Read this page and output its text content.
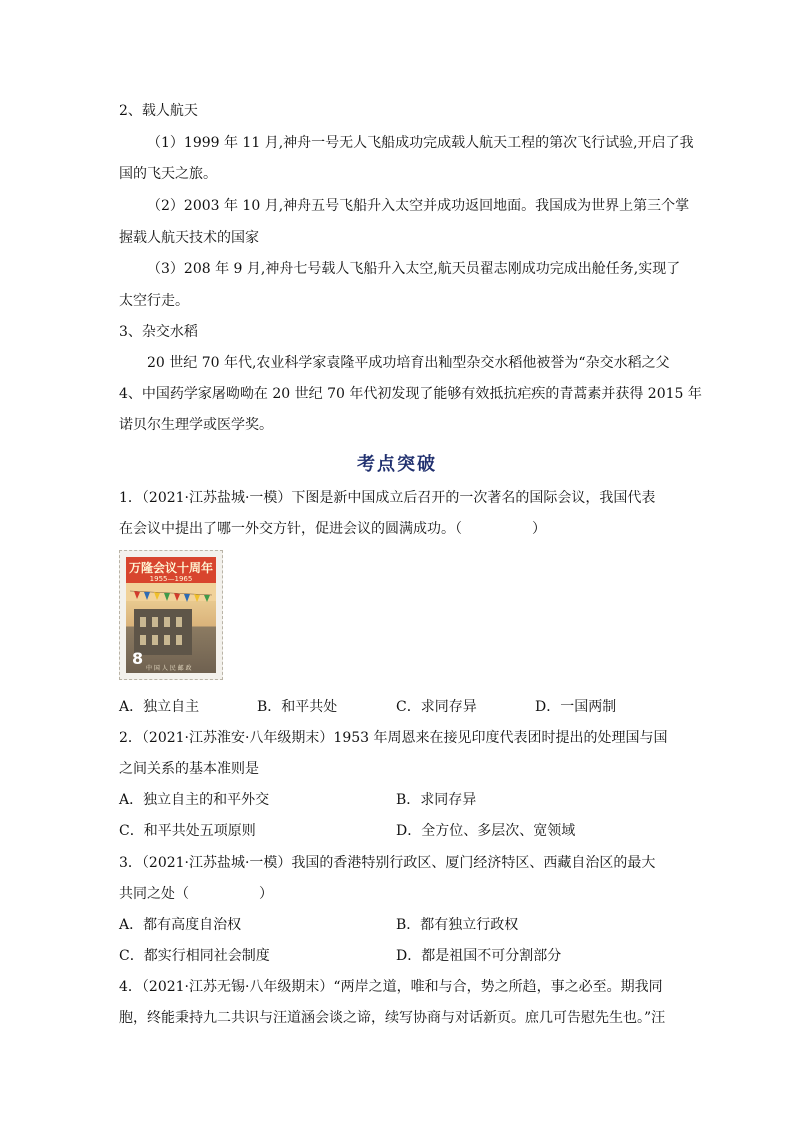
2、载人航天
（1）1999 年 11 月,神舟一号无人飞船成功完成载人航天工程的第次飞行试验,开启了我
国的飞天之旅。
（2）2003 年 10 月,神舟五号飞船升入太空并成功返回地面。我国成为世界上第三个掌
握载人航天技术的国家
（3）208 年 9 月,神舟七号载人飞船升入太空,航天员翟志刚成功完成出舱任务,实现了
太空行走。
3、杂交水稻
20 世纪 70 年代,农业科学家袁隆平成功培育出籼型杂交水稻他被誉为“杂交水稻之父
4、中国药学家屠呦呦在 20 世纪 70 年代初发现了能够有效抵抗疟疾的青蒿素并获得 2015 年
诺贝尔生理学或医学奖。
考点突破
1．（2021·江苏盐城·一模）下图是新中国成立后召开的一次著名的国际会议，我国代表
在会议中提出了哪一外交方针，促进会议的圆满成功。（　　　　　）
万隆会议十周年
1955—1965
8
中 国 人 民 邮 政
A．独立自主	B．和平共处	C．求同存异	D．一国两制
2．（2021·江苏淮安·八年级期末）1953 年周恩来在接见印度代表团时提出的处理国与国
之间关系的基本准则是
A．独立自主的和平外交	B．求同存异
C．和平共处五项原则	D．全方位、多层次、宽领域
3．（2021·江苏盐城·一模）我国的香港特别行政区、厦门经济特区、西藏自治区的最大
共同之处（　　　　　）
A．都有高度自治权	B．都有独立行政权
C．都实行相同社会制度	D．都是祖国不可分割部分
4．（2021·江苏无锡·八年级期末）“两岸之道，唯和与合，势之所趋，事之必至。期我同
胞，终能秉持九二共识与汪道涵会谈之谛，续写协商与对话新页。庶几可告慰先生也。”汪
